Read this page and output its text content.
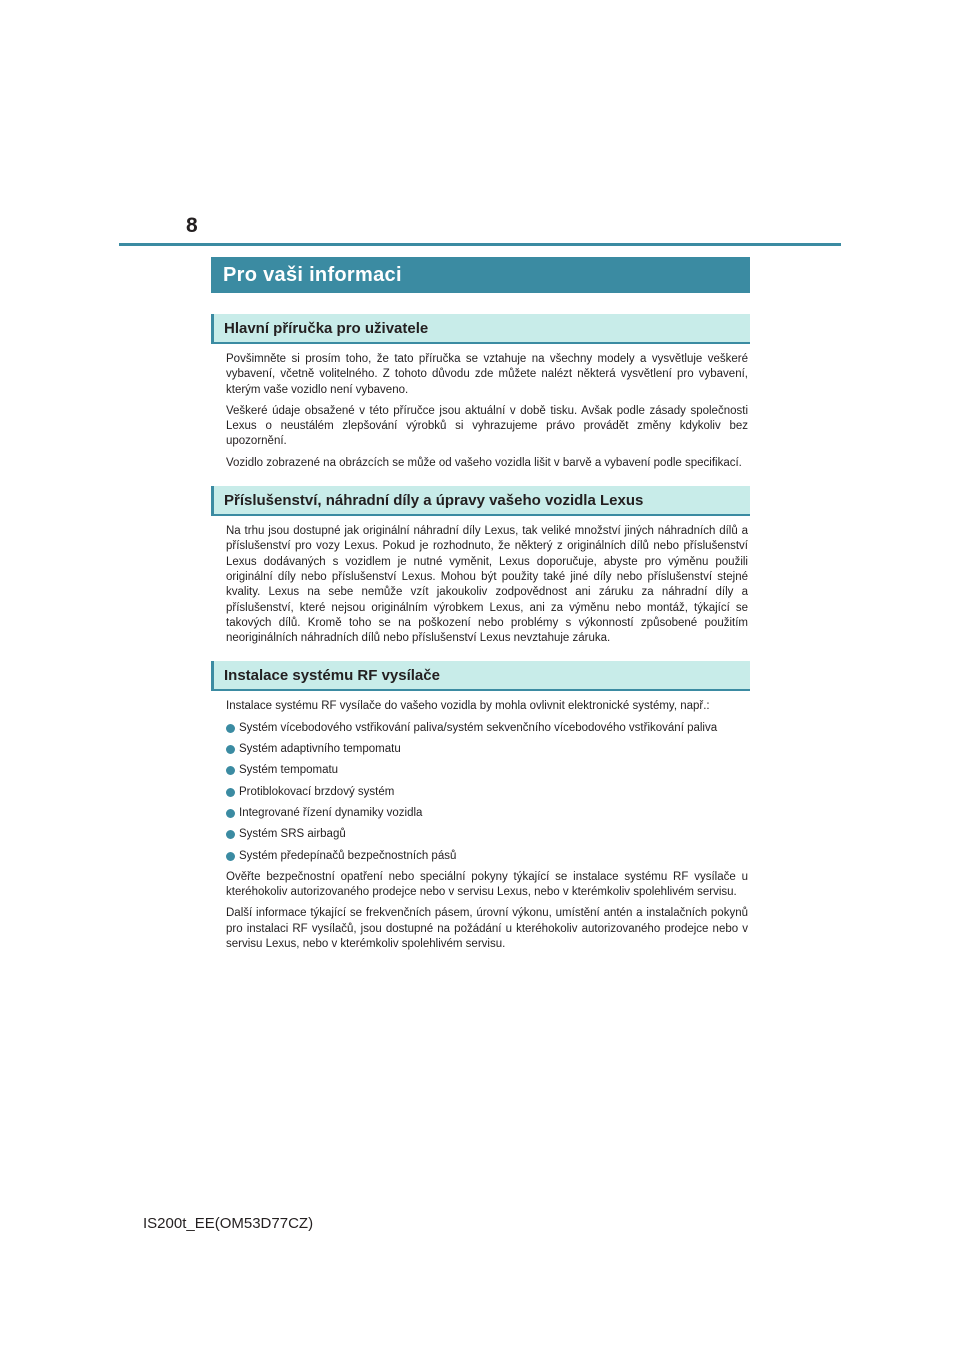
8
Pro vaši informaci
Hlavní příručka pro uživatele

Povšimněte si prosím toho, že tato příručka se vztahuje na všechny modely a vysvětluje veškeré vybavení, včetně volitelného. Z tohoto důvodu zde můžete nalézt některá vysvětlení pro vybavení, kterým vaše vozidlo není vybaveno.

Veškeré údaje obsažené v této příručce jsou aktuální v době tisku. Avšak podle zásady společnosti Lexus o neustálém zlepšování výrobků si vyhrazujeme právo provádět změny kdykoliv bez upozornění.

Vozidlo zobrazené na obrázcích se může od vašeho vozidla lišit v barvě a vybavení podle specifikací.

Příslušenství, náhradní díly a úpravy vašeho vozidla Lexus

Na trhu jsou dostupné jak originální náhradní díly Lexus, tak veliké množství jiných náhradních dílů a příslušenství pro vozy Lexus. Pokud je rozhodnuto, že některý z originálních dílů nebo příslušenství Lexus dodávaných s vozidlem je nutné vyměnit, Lexus doporučuje, abyste pro výměnu použili originální díly nebo příslušenství Lexus. Mohou být použity také jiné díly nebo příslušenství stejné kvality. Lexus na sebe nemůže vzít jakoukoliv zodpovědnost ani záruku za náhradní díly a příslušenství, které nejsou originálním výrobkem Lexus, ani za výměnu nebo montáž, týkající se takových dílů. Kromě toho se na poškození nebo problémy s výkonností způsobené použitím neoriginálních náhradních dílů nebo příslušenství Lexus nevztahuje záruka.

Instalace systému RF vysílače

Instalace systému RF vysílače do vašeho vozidla by mohla ovlivnit elektronické systémy, např.:

Systém vícebodového vstřikování paliva/systém sekvenčního vícebodového vstřikování paliva
Systém adaptivního tempomatu
Systém tempomatu
Protiblokovací brzdový systém
Integrované řízení dynamiky vozidla
Systém SRS airbagů
Systém předepínačů bezpečnostních pásů

Ověřte bezpečnostní opatření nebo speciální pokyny týkající se instalace systému RF vysílače u kteréhokoliv autorizovaného prodejce nebo v servisu Lexus, nebo v kterémkoliv spolehlivém servisu.

Další informace týkající se frekvenčních pásem, úrovní výkonu, umístění antén a instalačních pokynů pro instalaci RF vysílačů, jsou dostupné na požádání u kteréhokoliv autorizovaného prodejce nebo v servisu Lexus, nebo v kterémkoliv spolehlivém servisu.

IS200t_EE(OM53D77CZ)
